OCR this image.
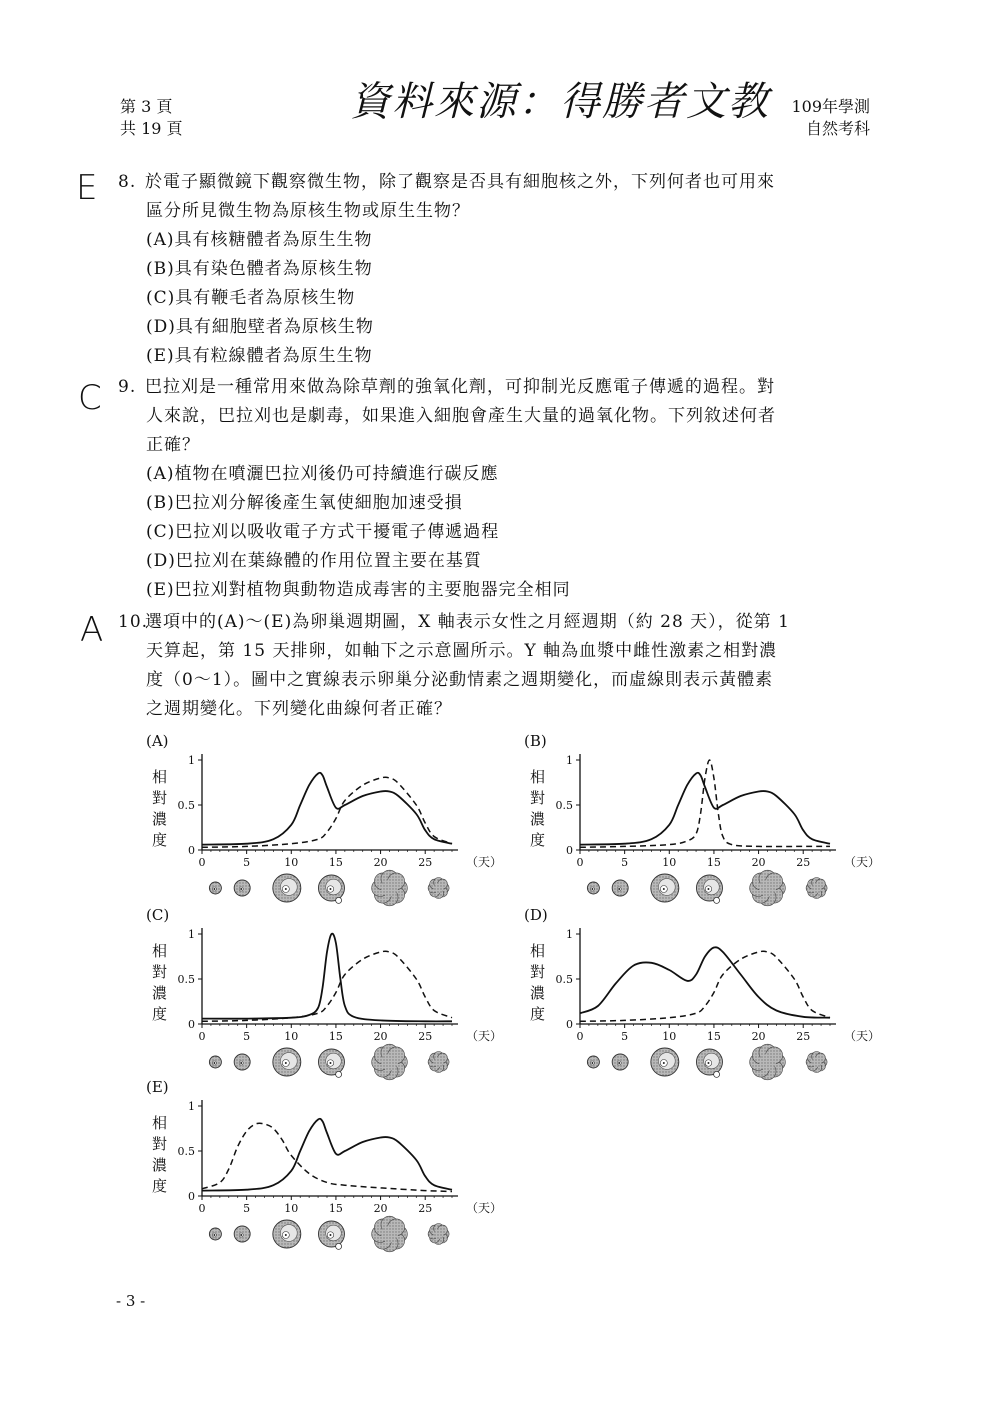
第 3 頁
共 19 頁
資料來源：得勝者文教 109年學測
自然考科
E
C
A
8. 於電子顯微鏡下觀察微生物，除了觀察是否具有細胞核之外，下列何者也可用來
區分所見微生物為原核生物或原生生物？
(A)具有核糖體者為原生生物
(B)具有染色體者為原核生物
(C)具有鞭毛者為原核生物
(D)具有細胞壁者為原核生物
(E)具有粒線體者為原生生物
9. 巴拉刈是一種常用來做為除草劑的強氧化劑，可抑制光反應電子傳遞的過程。對
人來說，巴拉刈也是劇毒，如果進入細胞會產生大量的過氧化物。下列敘述何者
正確？
(A)植物在噴灑巴拉刈後仍可持續進行碳反應
(B)巴拉刈分解後產生氧使細胞加速受損
(C)巴拉刈以吸收電子方式干擾電子傳遞過程
(D)巴拉刈在葉綠體的作用位置主要在基質
(E)巴拉刈對植物與動物造成毒害的主要胞器完全相同
10.選項中的(A)～(E)為卵巢週期圖，X 軸表示女性之月經週期（約 28 天），從第 1
天算起，第 15 天排卵，如軸下之示意圖所示。Y 軸為血漿中雌性激素之相對濃
度（0～1）。圖中之實線表示卵巢分泌動情素之週期變化，而虛線則表示黃體素
之週期變化。下列變化曲線何者正確？
(A)
相
對
濃
度
0
0.5
1
0	5	10	15	20	25	（天）
(B)
相
對
濃
度
0
0.5
1
0	5	10	15	20	25	（天）
(C)
相
對
濃
度
0
0.5
1
0	5	10	15	20	25	（天）
(D)
相
對
濃
度
0
0.5
1
0	5	10	15	20	25	（天）
(E)
相
對
濃
度
0
0.5
1
0	5	10	15	20	25	（天）
- 3 -
